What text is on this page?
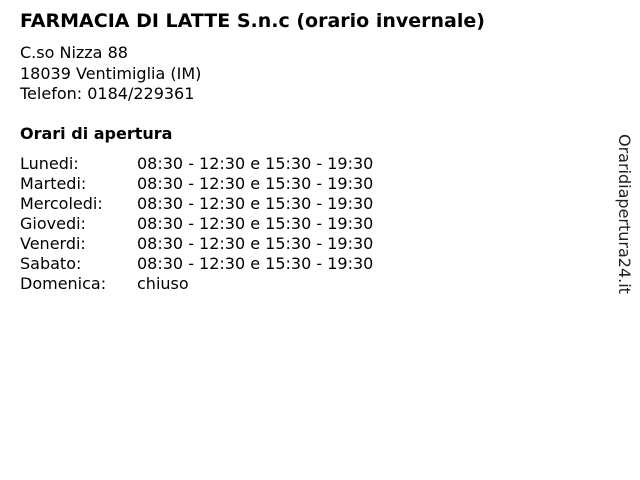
FARMACIA DI LATTE S.n.c (orario invernale)
C.so Nizza 88
18039 Ventimiglia (IM)
Telefon: 0184/229361
Orari di apertura
Lunedi:	08:30 - 12:30 e 15:30 - 19:30
Martedi:	08:30 - 12:30 e 15:30 - 19:30
Mercoledi:	08:30 - 12:30 e 15:30 - 19:30
Giovedi:	08:30 - 12:30 e 15:30 - 19:30
Venerdi:	08:30 - 12:30 e 15:30 - 19:30
Sabato:	08:30 - 12:30 e 15:30 - 19:30
Domenica:	chiuso	Oraridiapertura24.it
